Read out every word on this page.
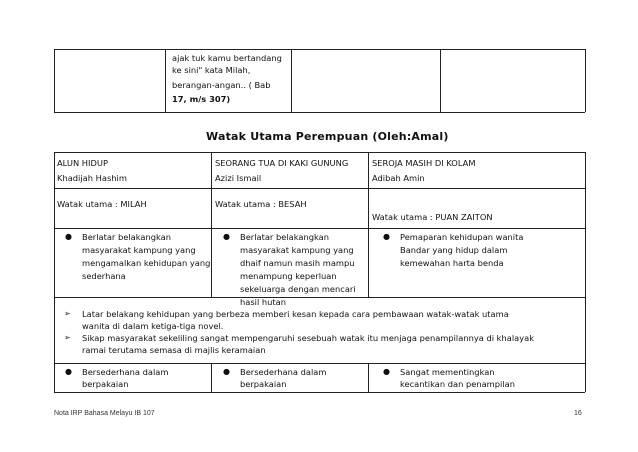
ajak tuk kamu bertandang
ke sini" kata Milah,
berangan-angan.. ( Bab
17, m/s 307)
Watak Utama Perempuan (Oleh:Amal)
ALUN HIDUP
Khadijah Hashim
SEORANG TUA DI KAKI GUNUNG
Azizi Ismail
SEROJA MASIH DI KOLAM
Adibah Amin
Watak utama : MILAH	Watak utama : BESAH
Watak utama : PUAN ZAITON
● Berlatar belakangkan
masyarakat kampung yang
mengamalkan kehidupan yang
sederhana
● Berlatar belakangkan
masyarakat kampung yang
dhaif namun masih mampu
menampung keperluan
sekeluarga dengan mencari
hasil hutan
● Pemaparan kehidupan wanita
Bandar yang hidup dalam
kemewahan harta benda
➢ Latar belakang kehidupan yang berbeza memberi kesan kepada cara pembawaan watak-watak utama
wanita di dalam ketiga-tiga novel.
➢ Sikap masyarakat sekeliling sangat mempengaruhi sesebuah watak itu menjaga penampilannya di khalayak
ramai terutama semasa di majlis keramaian
● Bersederhana dalam
berpakaian
● Bersederhana dalam
berpakaian
● Sangat mementingkan
kecantikan dan penampilan
Nota IRP Bahasa Melayu IB 107	16
